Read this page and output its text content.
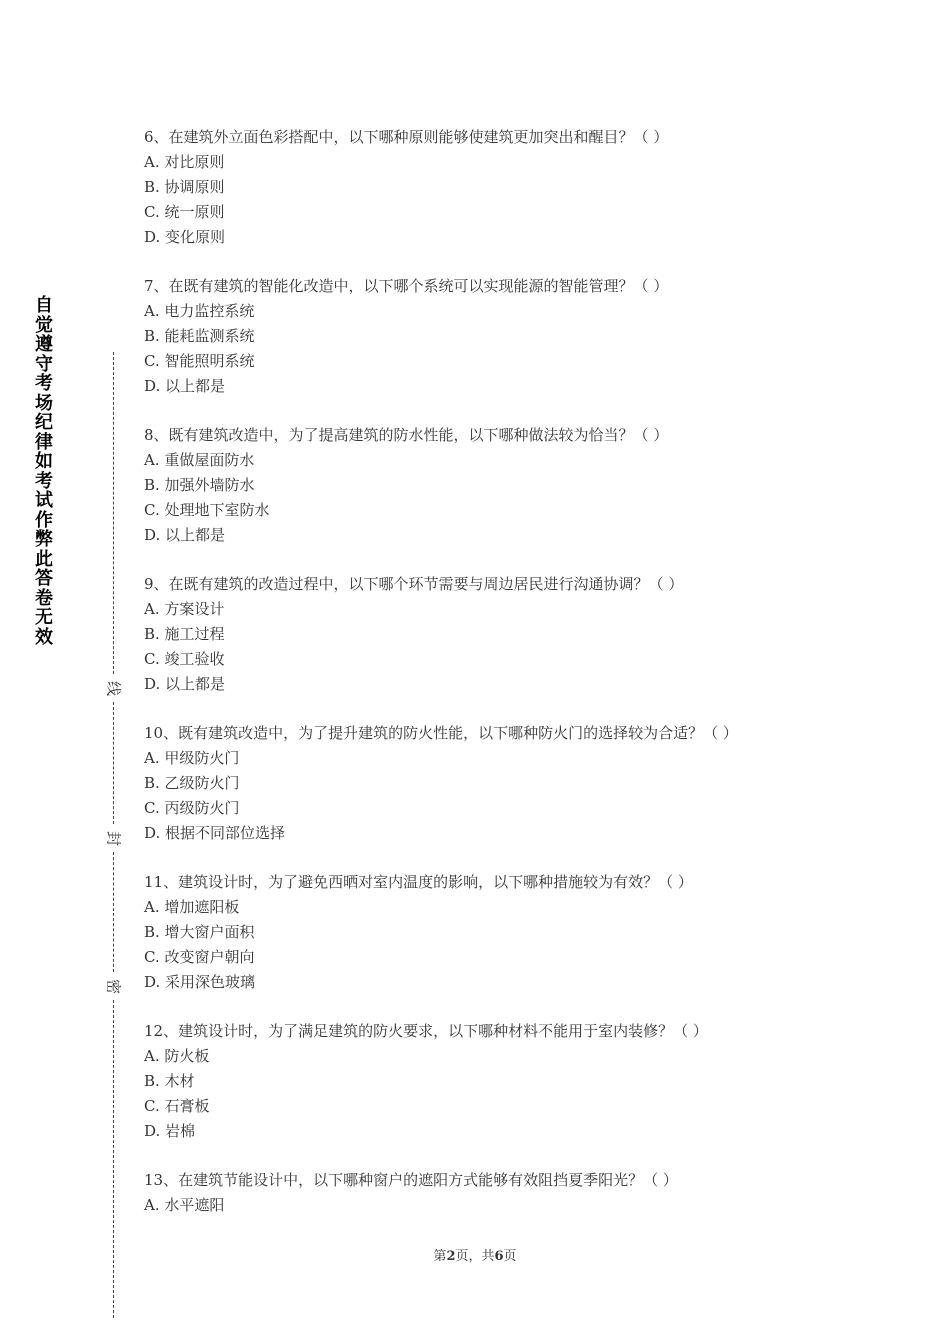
自觉遵守考场纪律如考试作弊此答卷无效
线
封
密
6、在建筑外立面色彩搭配中，以下哪种原则能够使建筑更加突出和醒目？（ ）
A. 对比原则
B. 协调原则
C. 统一原则
D. 变化原则
7、在既有建筑的智能化改造中，以下哪个系统可以实现能源的智能管理？（ ）
A. 电力监控系统
B. 能耗监测系统
C. 智能照明系统
D. 以上都是
8、既有建筑改造中，为了提高建筑的防水性能，以下哪种做法较为恰当？（ ）
A. 重做屋面防水
B. 加强外墙防水
C. 处理地下室防水
D. 以上都是
9、在既有建筑的改造过程中，以下哪个环节需要与周边居民进行沟通协调？（ ）
A. 方案设计
B. 施工过程
C. 竣工验收
D. 以上都是
10、既有建筑改造中，为了提升建筑的防火性能，以下哪种防火门的选择较为合适？（ ）
A. 甲级防火门
B. 乙级防火门
C. 丙级防火门
D. 根据不同部位选择
11、建筑设计时，为了避免西晒对室内温度的影响，以下哪种措施较为有效？（ ）
A. 增加遮阳板
B. 增大窗户面积
C. 改变窗户朝向
D. 采用深色玻璃
12、建筑设计时，为了满足建筑的防火要求，以下哪种材料不能用于室内装修？（ ）
A. 防火板
B. 木材
C. 石膏板
D. 岩棉
13、在建筑节能设计中，以下哪种窗户的遮阳方式能够有效阻挡夏季阳光？（ ）
A. 水平遮阳
第2页，共6页
